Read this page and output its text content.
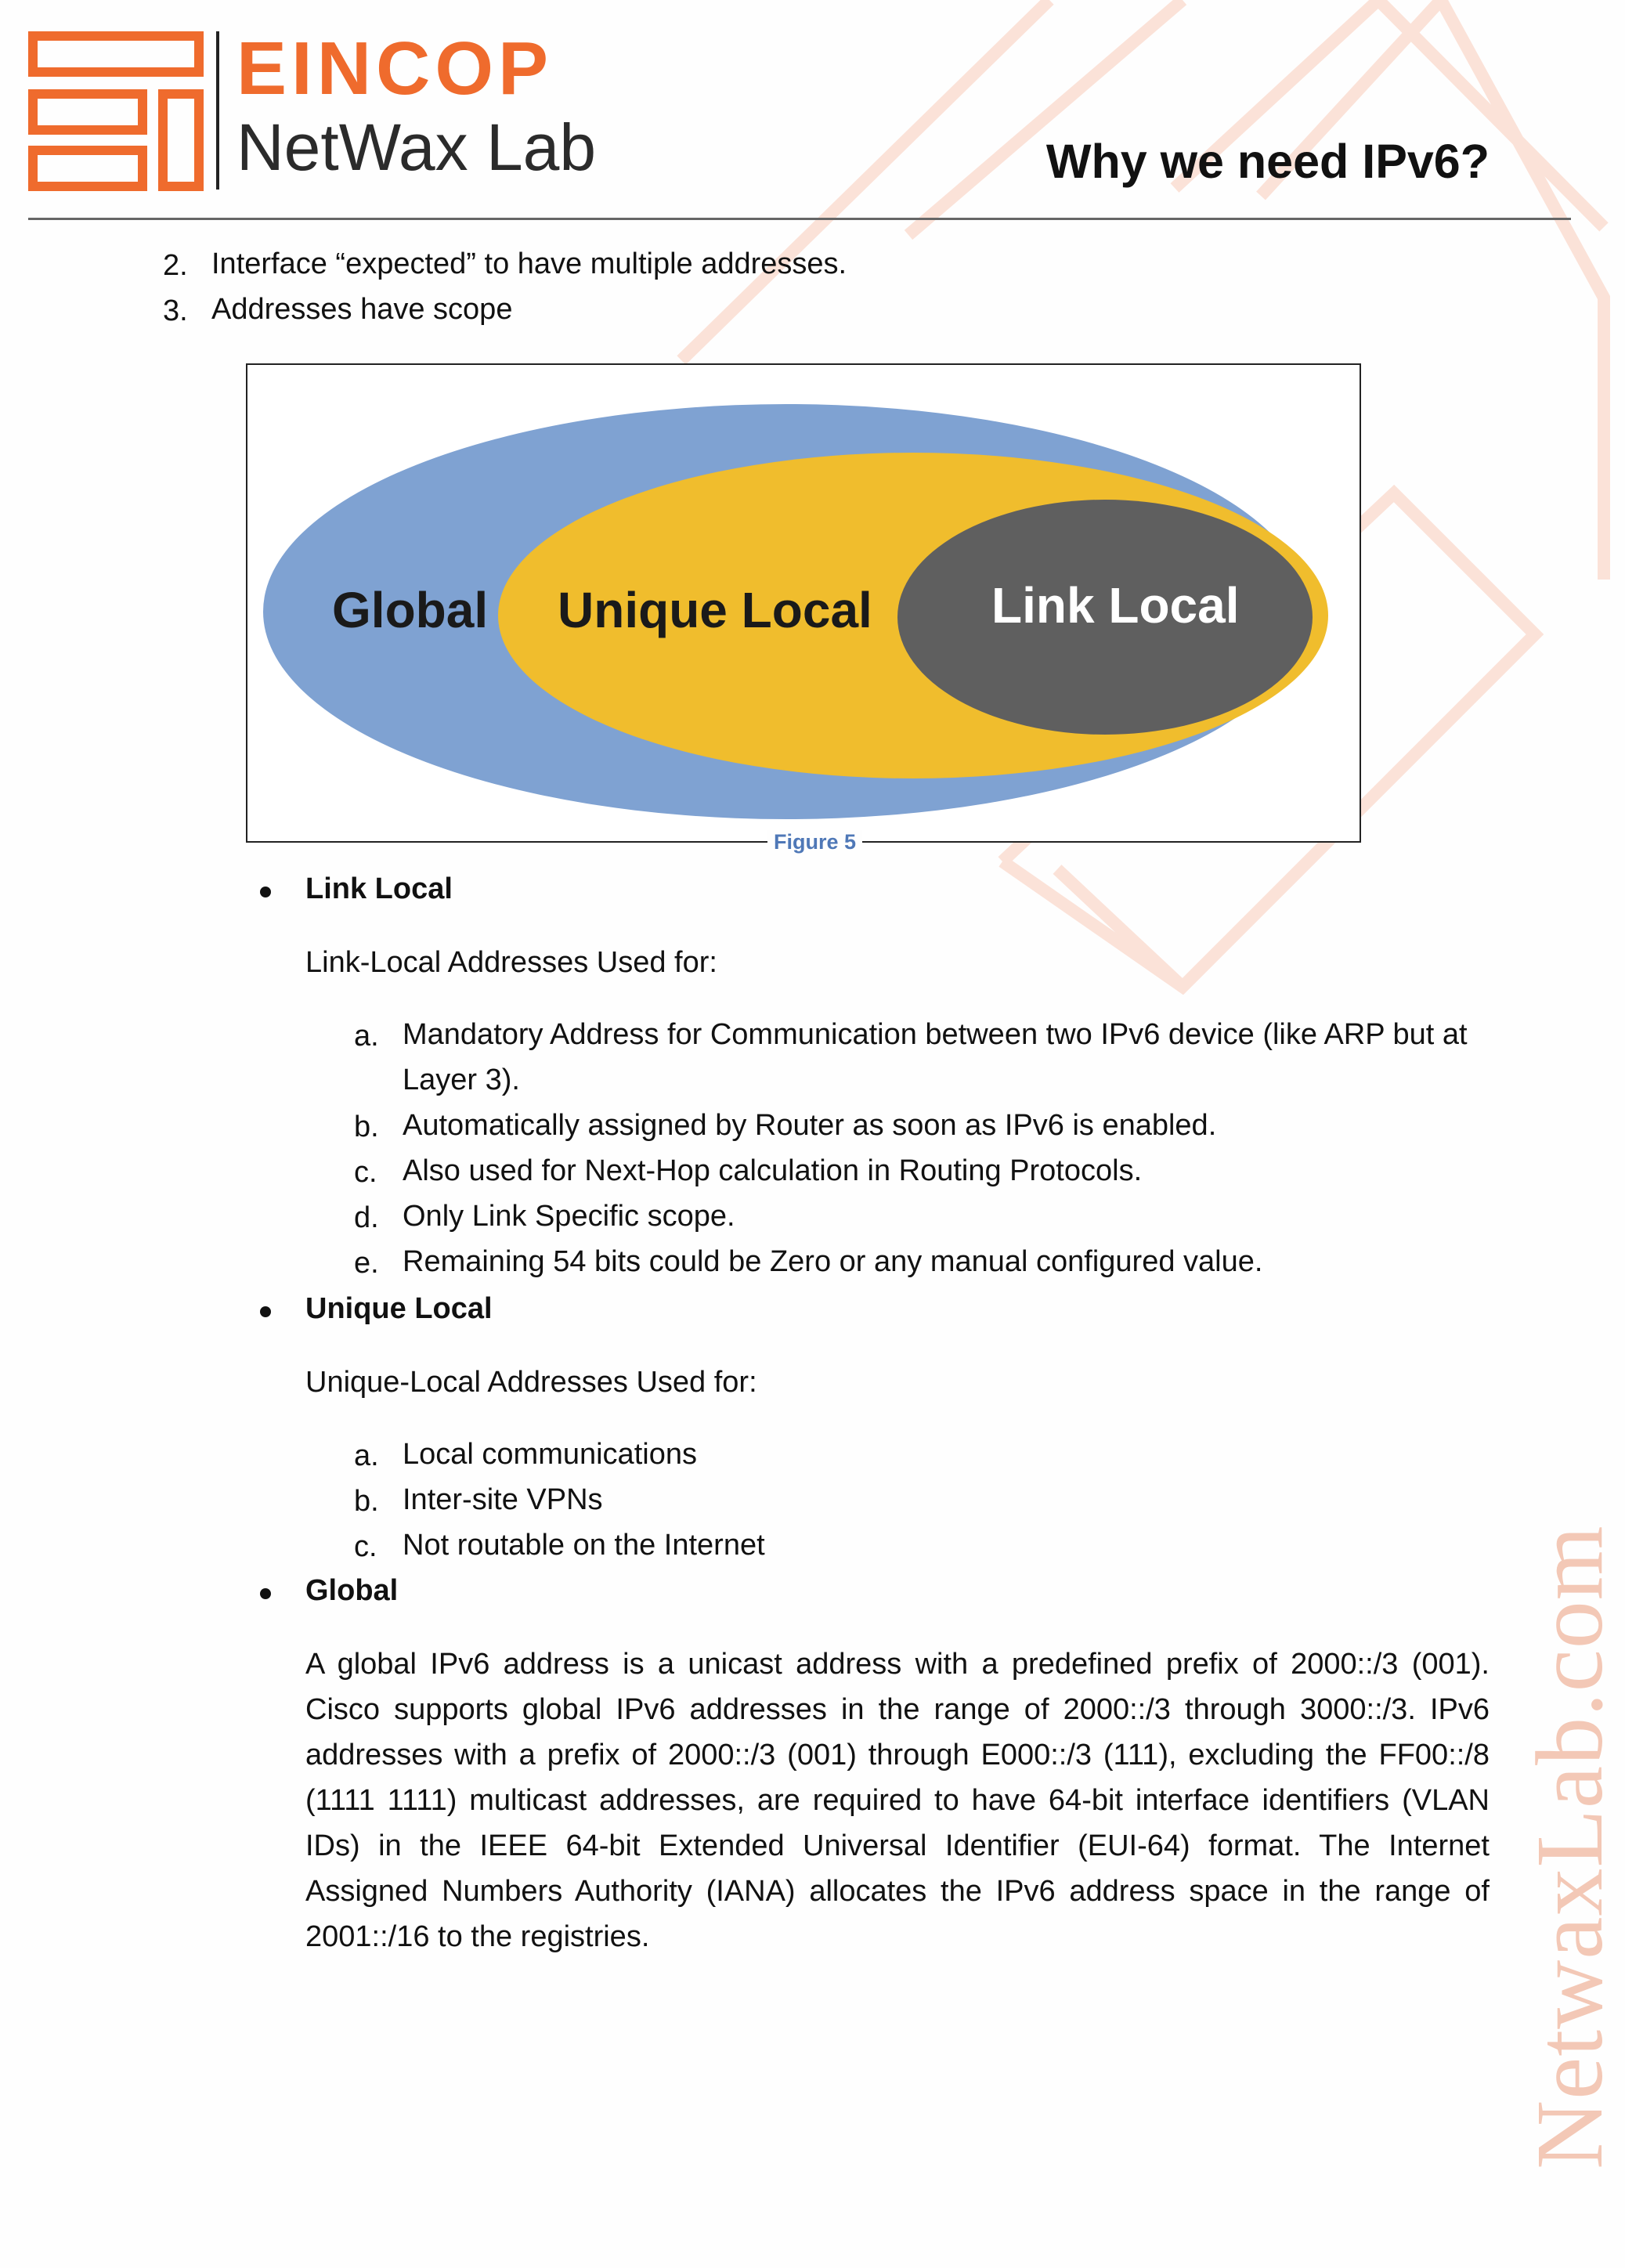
NetwaxLab.com
EINCOP
NetWax Lab	Why we need IPv6?
2. Interface “expected” to have multiple addresses.
3. Addresses have scope
Global Unique Local Link Local
Figure 5
Link Local
Link-Local Addresses Used for:
a. Mandatory Address for Communication between two IPv6 device (like ARP but at
Layer 3).
b. Automatically assigned by Router as soon as IPv6 is enabled.
c. Also used for Next-Hop calculation in Routing Protocols.
d. Only Link Specific scope.
e. Remaining 54 bits could be Zero or any manual configured value.
Unique Local
Unique-Local Addresses Used for:
a. Local communications
b. Inter-site VPNs
c. Not routable on the Internet
Global
A global IPv6 address is a unicast address with a predefined prefix of 2000::/3 (001). Cisco supports global IPv6 addresses in the range of 2000::/3 through 3000::/3. IPv6 addresses with a prefix of 2000::/3 (001) through E000::/3 (111), excluding the FF00::/8 (1111 1111) multicast addresses, are required to have 64-bit interface identifiers (VLAN IDs) in the IEEE 64-bit Extended Universal Identifier (EUI-64) format. The Internet Assigned Numbers Authority (IANA) allocates the IPv6 address space in the range of 2001::/16 to the registries.
